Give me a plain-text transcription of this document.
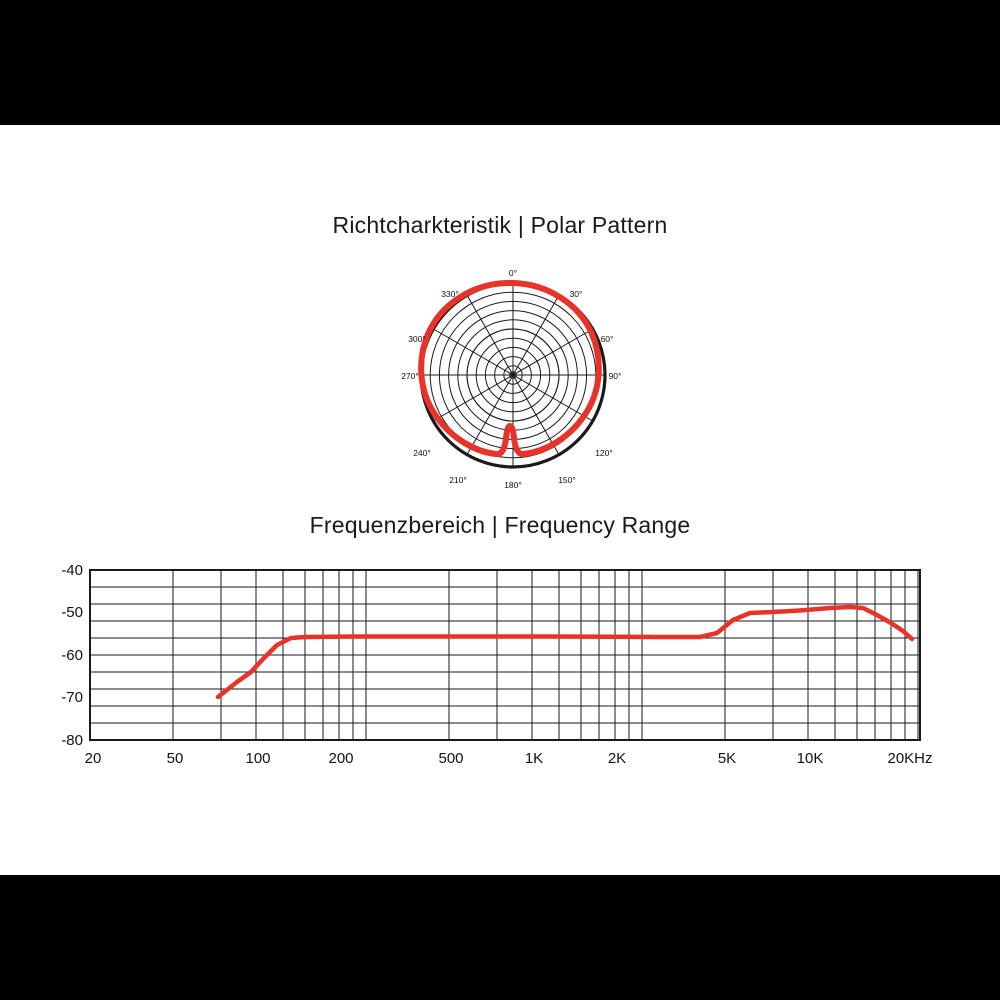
Richtcharkteristik | Polar Pattern
0°
30°
60°
90°
120°
150°
180°
210°
240°
270°
300°
330°
Frequenzbereich | Frequency Range
-40
-50
-60
-70
-80
20	50	100	200	500	1K	2K	5K	10K	20KHz
